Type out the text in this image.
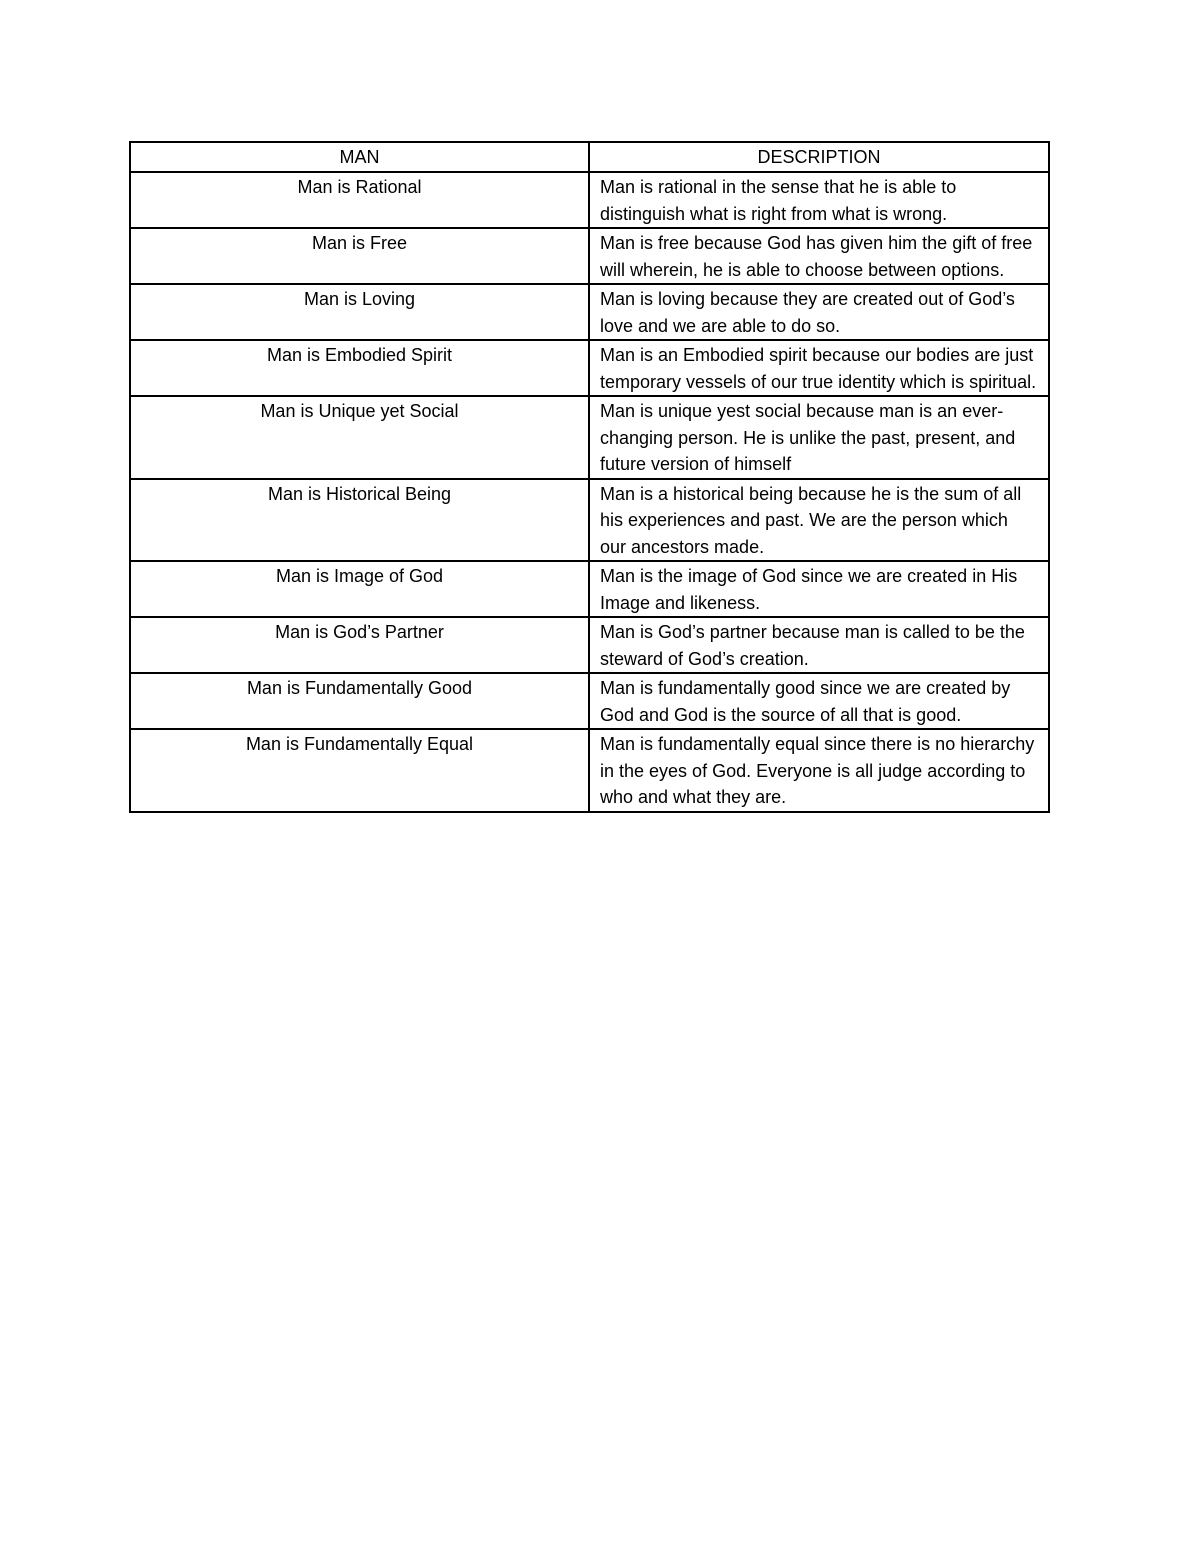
MAN	DESCRIPTION
Man is Rational	Man is rational in the sense that he is able to distinguish what is right from what is wrong.
Man is Free	Man is free because God has given him the gift of free will wherein, he is able to choose between options.
Man is Loving	Man is loving because they are created out of God’s love and we are able to do so.
Man is Embodied Spirit	Man is an Embodied spirit because our bodies are just temporary vessels of our true identity which is spiritual.
Man is Unique yet Social	Man is unique yest social because man is an ever-changing person. He is unlike the past, present, and future version of himself
Man is Historical Being	Man is a historical being because he is the sum of all his experiences and past. We are the person which our ancestors made.
Man is Image of God	Man is the image of God since we are created in His Image and likeness.
Man is God’s Partner	Man is God’s partner because man is called to be the steward of God’s creation.
Man is Fundamentally Good	Man is fundamentally good since we are created by God and God is the source of all that is good.
Man is Fundamentally Equal	Man is fundamentally equal since there is no hierarchy in the eyes of God. Everyone is all judge according to who and what they are.
